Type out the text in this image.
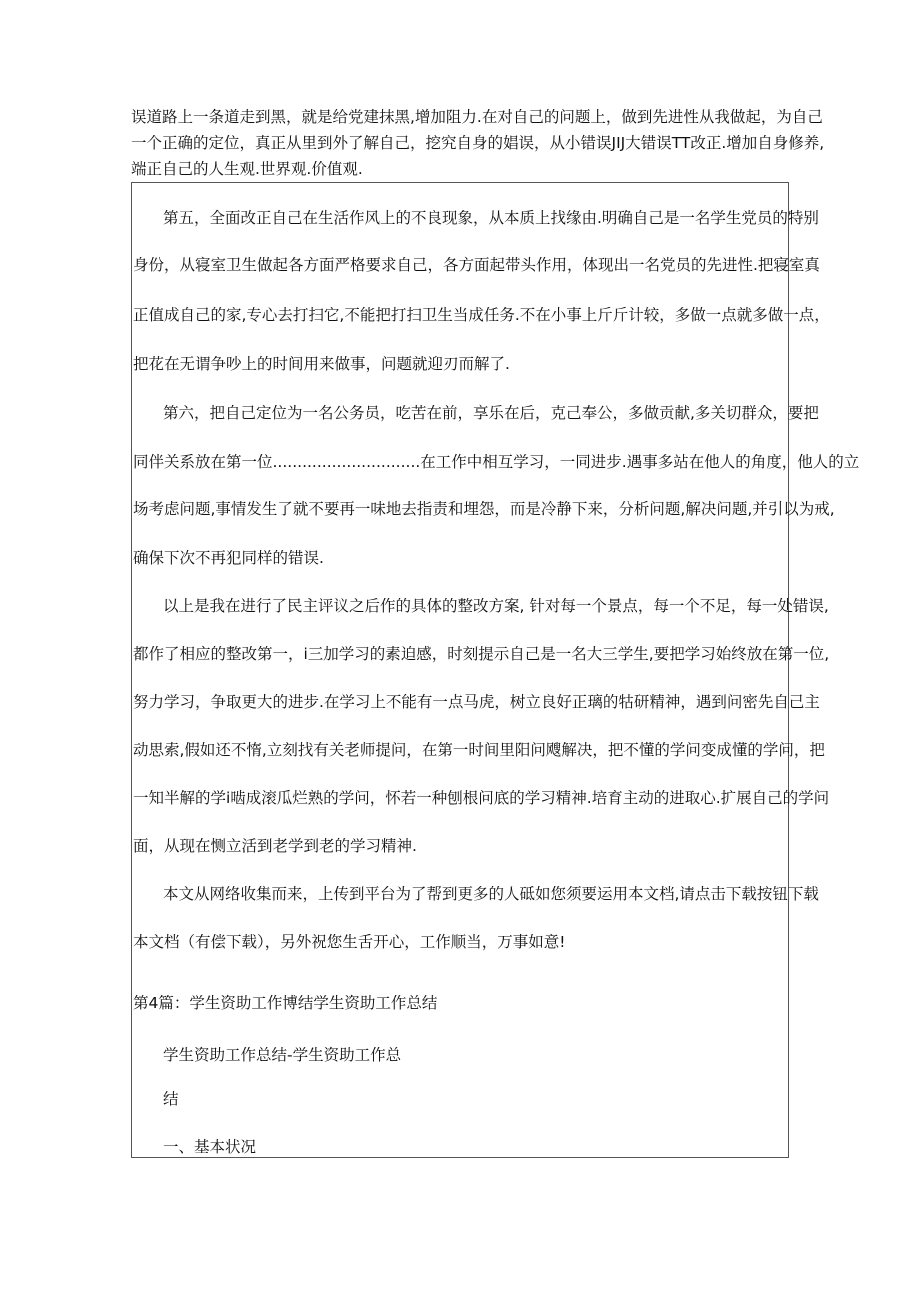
误道路上一条道走到黑，就是给党建抹黑,增加阻力.在对自己的问题上，做到先进性从我做起，为自己
一个正确的定位，真正从里到外了解自己，挖究自身的娼误，从小错误JIJ大错误TT改正.增加自身修养,
端正自己的人生观.世界观.价值观.

第五，全面改正自己在生活作风上的不良现象，从本质上找缘由.明确自己是一名学生党员的特别

身份，从寝室卫生做起各方面严格要求自己，各方面起带头作用，体现出一名党员的先进性.把寝室真

正值成自己的家,专心去打扫它,不能把打扫卫生当成任务.不在小事上斤斤计较，多做一点就多做一点，

把花在无谓争吵上的时间用来做事，问题就迎刃而解了.

第六，把自己定位为一名公务员，吃苦在前，享乐在后，克己奉公，多做贡献,多关切群众，要把

同伴关系放在第一位..............................在工作中相互学习，一同进步.遇事多站在他人的角度，他人的立

场考虑问题,事情发生了就不要再一味地去指责和埋怨，而是冷静下来，分析问题,解决问题,并引以为戒,

确保下次不再犯同样的错误.

以上是我在进行了民主评议之后作的具体的整改方案, 针对每一个景点，每一个不足，每一处错误,

都作了相应的整改第一，i三加学习的素迫感，时刻提示自己是一名大三学生,要把学习始终放在第一位,

努力学习，争取更大的进步.在学习上不能有一点马虎，树立良好正璃的牯研精神，遇到问密先自己主

动思索,假如还不惰,立刻找有关老师提问，在第一时间里阳问飕解决，把不懂的学问变成懂的学问，把

一知半解的学i啮成滚瓜烂熟的学问，怀若一种刨根问底的学习精神.培育主动的进取心.扩展自己的学问

面，从现在恻立活到老学到老的学习精神.

本文从网络收集而来，上传到平台为了帮到更多的人砥如您须要运用本文档,请点击下载按钮下载

本文档（有偿下载），另外祝您生舌开心，工作顺当，万事如意!

第4篇：学生资助工作博结学生资助工作总结

学生资助工作总结-学生资助工作总

结

一、基本状况
